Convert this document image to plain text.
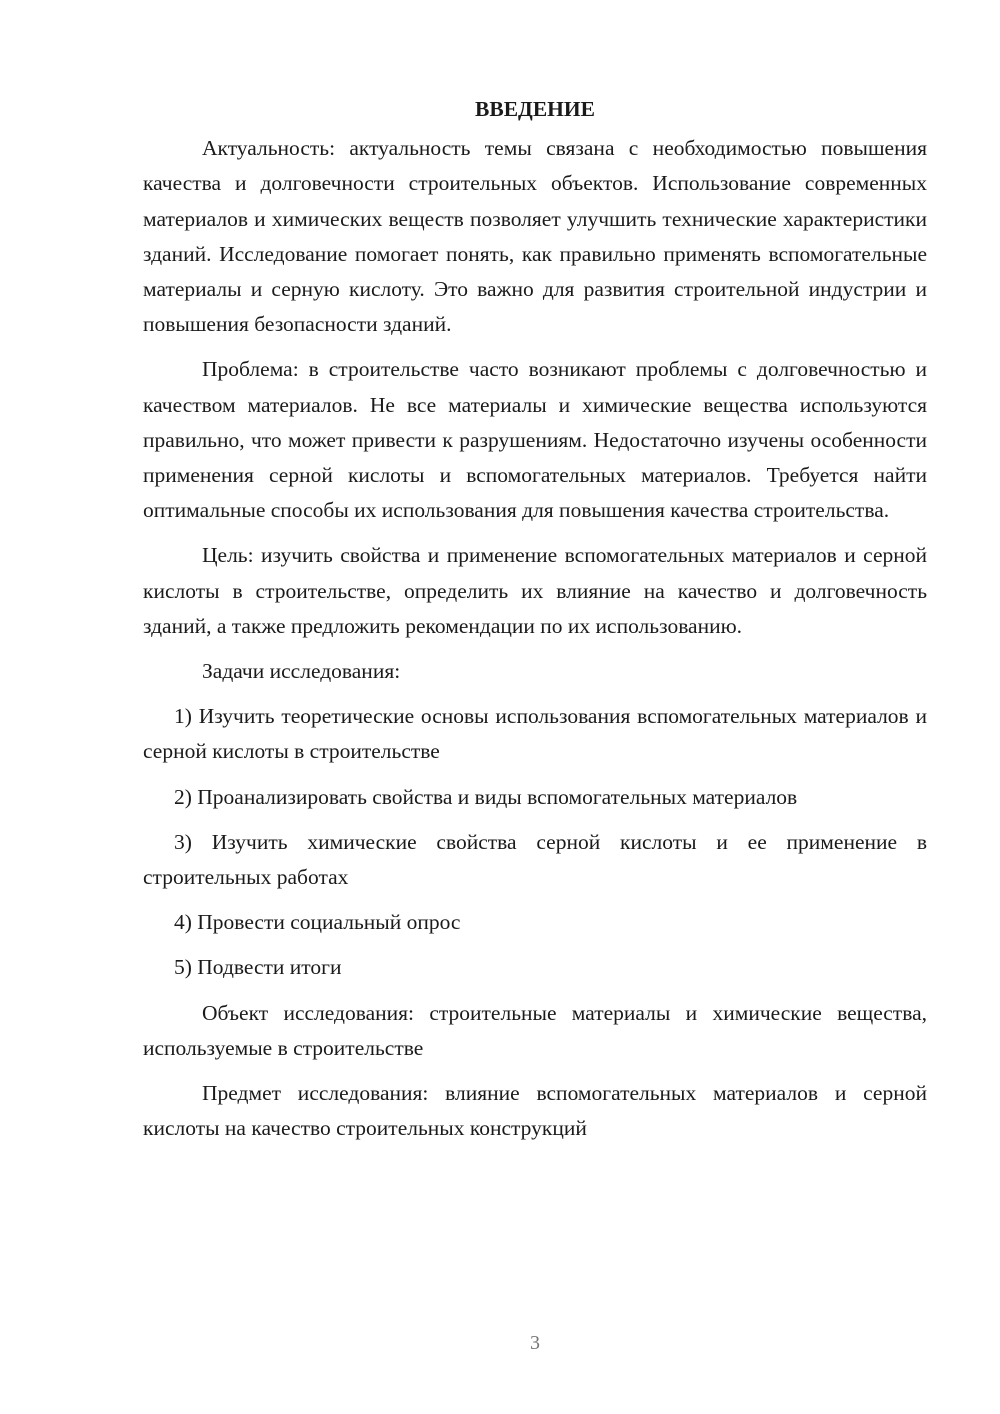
ВВЕДЕНИЕ

Актуальность: актуальность темы связана с необходимостью повышения качества и долговечности строительных объектов. Использование современных материалов и химических веществ позволяет улучшить технические характеристики зданий. Исследование помогает понять, как правильно применять вспомогательные материалы и серную кислоту. Это важно для развития строительной индустрии и повышения безопасности зданий.

Проблема: в строительстве часто возникают проблемы с долговечностью и качеством материалов. Не все материалы и химические вещества используются правильно, что может привести к разрушениям. Недостаточно изучены особенности применения серной кислоты и вспомогательных материалов. Требуется найти оптимальные способы их использования для повышения качества строительства.

Цель: изучить свойства и применение вспомогательных материалов и серной кислоты в строительстве, определить их влияние на качество и долговечность зданий, а также предложить рекомендации по их использованию.

Задачи исследования:

1) Изучить теоретические основы использования вспомогательных материалов и серной кислоты в строительстве

2) Проанализировать свойства и виды вспомогательных материалов

3) Изучить химические свойства серной кислоты и ее применение в строительных работах

4) Провести социальный опрос

5) Подвести итоги

Объект исследования: строительные материалы и химические вещества, используемые в строительстве

Предмет исследования: влияние вспомогательных материалов и серной кислоты на качество строительных конструкций

3
